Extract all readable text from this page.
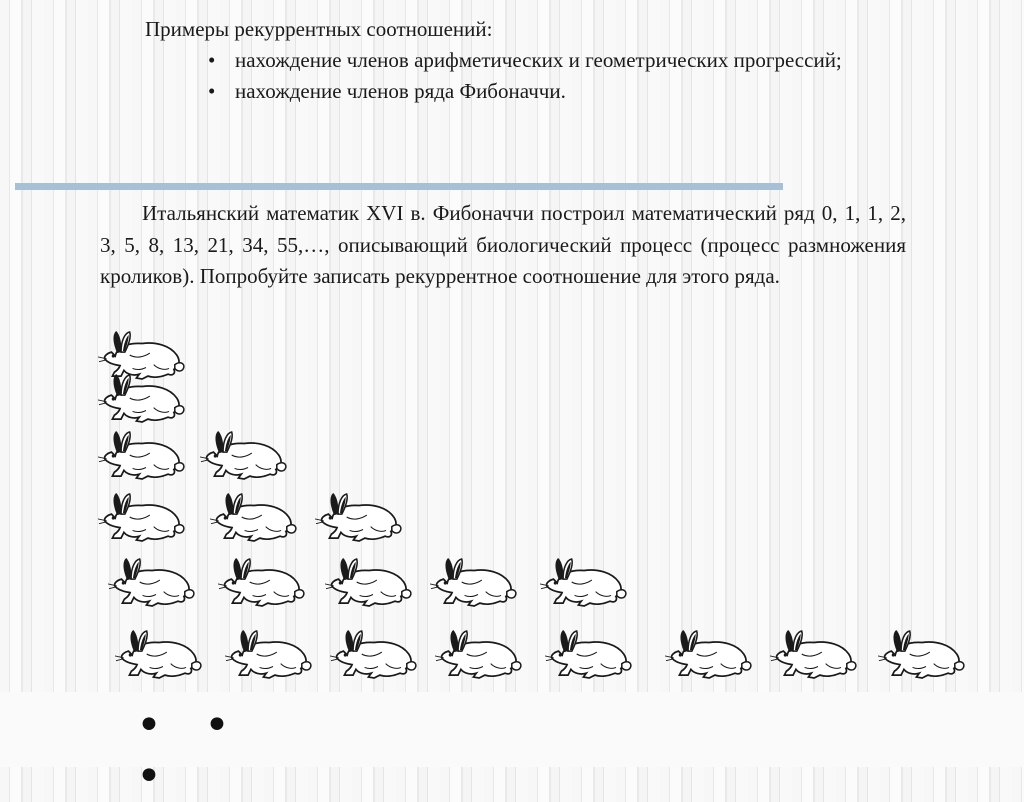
Примеры рекуррентных соотношений:

• нахождение членов арифметических и геометрических прогрессий;
• нахождение членов ряда Фибоначчи.

Итальянский математик XVI в. Фибоначчи построил математический ряд 0, 1, 1, 2, 3, 5, 8, 13, 21, 34, 55,…, описывающий биологический процесс (процесс размножения кроликов). Попробуйте записать рекуррентное соотношение для этого ряда.

• • •
